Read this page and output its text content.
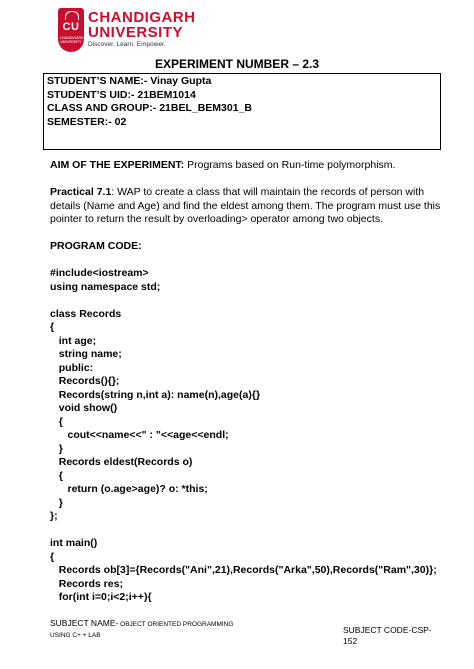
CU
CHANDIGARH UNIVERSITY
CHANDIGARH
UNIVERSITY
Discover. Learn. Empower.
EXPERIMENT NUMBER – 2.3
STUDENT’S NAME:- Vinay Gupta
STUDENT’S UID:- 21BEM1014
CLASS AND GROUP:- 21BEL_BEM301_B
SEMESTER:- 02

AIM OF THE EXPERIMENT: Programs based on Run-time polymorphism.

Practical 7.1: WAP to create a class that will maintain the records of person with details (Name and Age) and find the eldest among them. The program must use this pointer to return the result by overloading> operator among two objects.

PROGRAM CODE:

#include<iostream>
using namespace std;

class Records
{
int age;
string name;
public:
Records(){};
Records(string n,int a): name(n),age(a){}
void show()
{
cout<<name<<" : "<<age<<endl;
}
Records eldest(Records o)
{
return (o.age>age)? o: *this;
}
};

int main()
{
Records ob[3]={Records("Ani",21),Records("Arka",50),Records("Ram",30)};
Records res;
for(int i=0;i<2;i++){
SUBJECT NAME- OBJECT ORIENTED PROGRAMMING
USING C+ + LAB
SUBJECT CODE-CSP-
152
